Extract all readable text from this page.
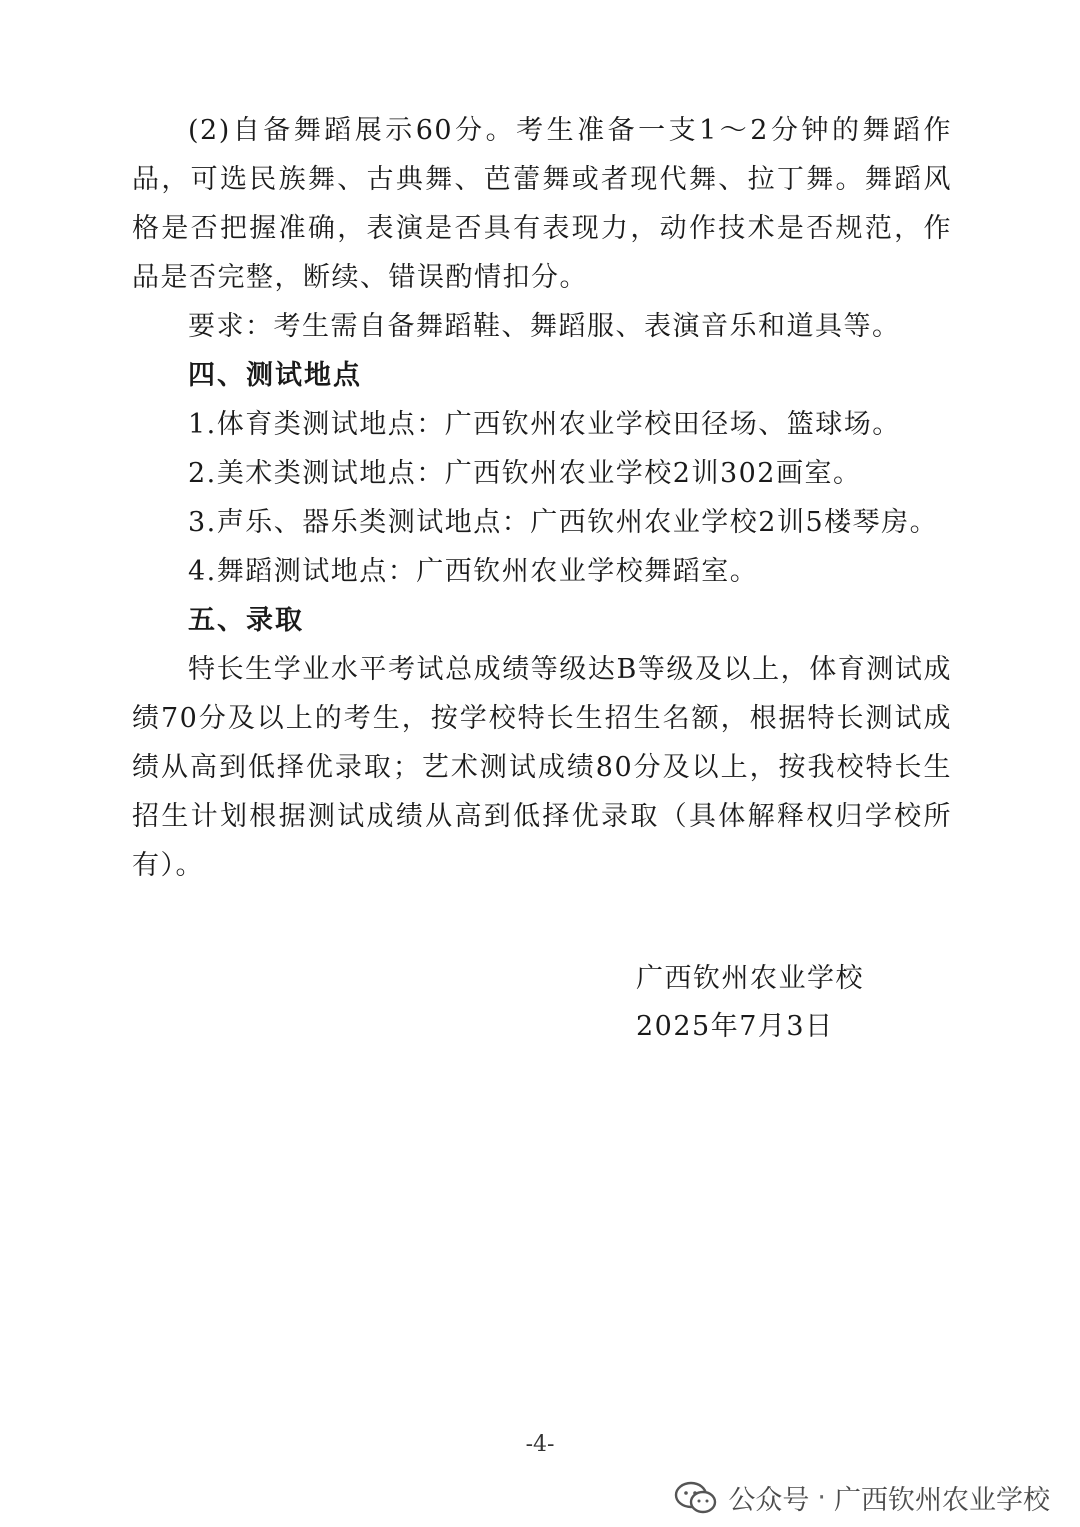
(2)自备舞蹈展示60分。考生准备一支1～2分钟的舞蹈作品，可选民族舞、古典舞、芭蕾舞或者现代舞、拉丁舞。舞蹈风格是否把握准确，表演是否具有表现力，动作技术是否规范，作品是否完整，断续、错误酌情扣分。

要求：考生需自备舞蹈鞋、舞蹈服、表演音乐和道具等。

四、测试地点

1.体育类测试地点：广西钦州农业学校田径场、篮球场。

2.美术类测试地点：广西钦州农业学校2训302画室。

3.声乐、器乐类测试地点：广西钦州农业学校2训5楼琴房。

4.舞蹈测试地点：广西钦州农业学校舞蹈室。

五、录取

特长生学业水平考试总成绩等级达B等级及以上，体育测试成绩70分及以上的考生，按学校特长生招生名额，根据特长测试成绩从高到低择优录取；艺术测试成绩80分及以上，按我校特长生招生计划根据测试成绩从高到低择优录取（具体解释权归学校所有）。

广西钦州农业学校
2025年7月3日
-4-
公众号 · 广西钦州农业学校
